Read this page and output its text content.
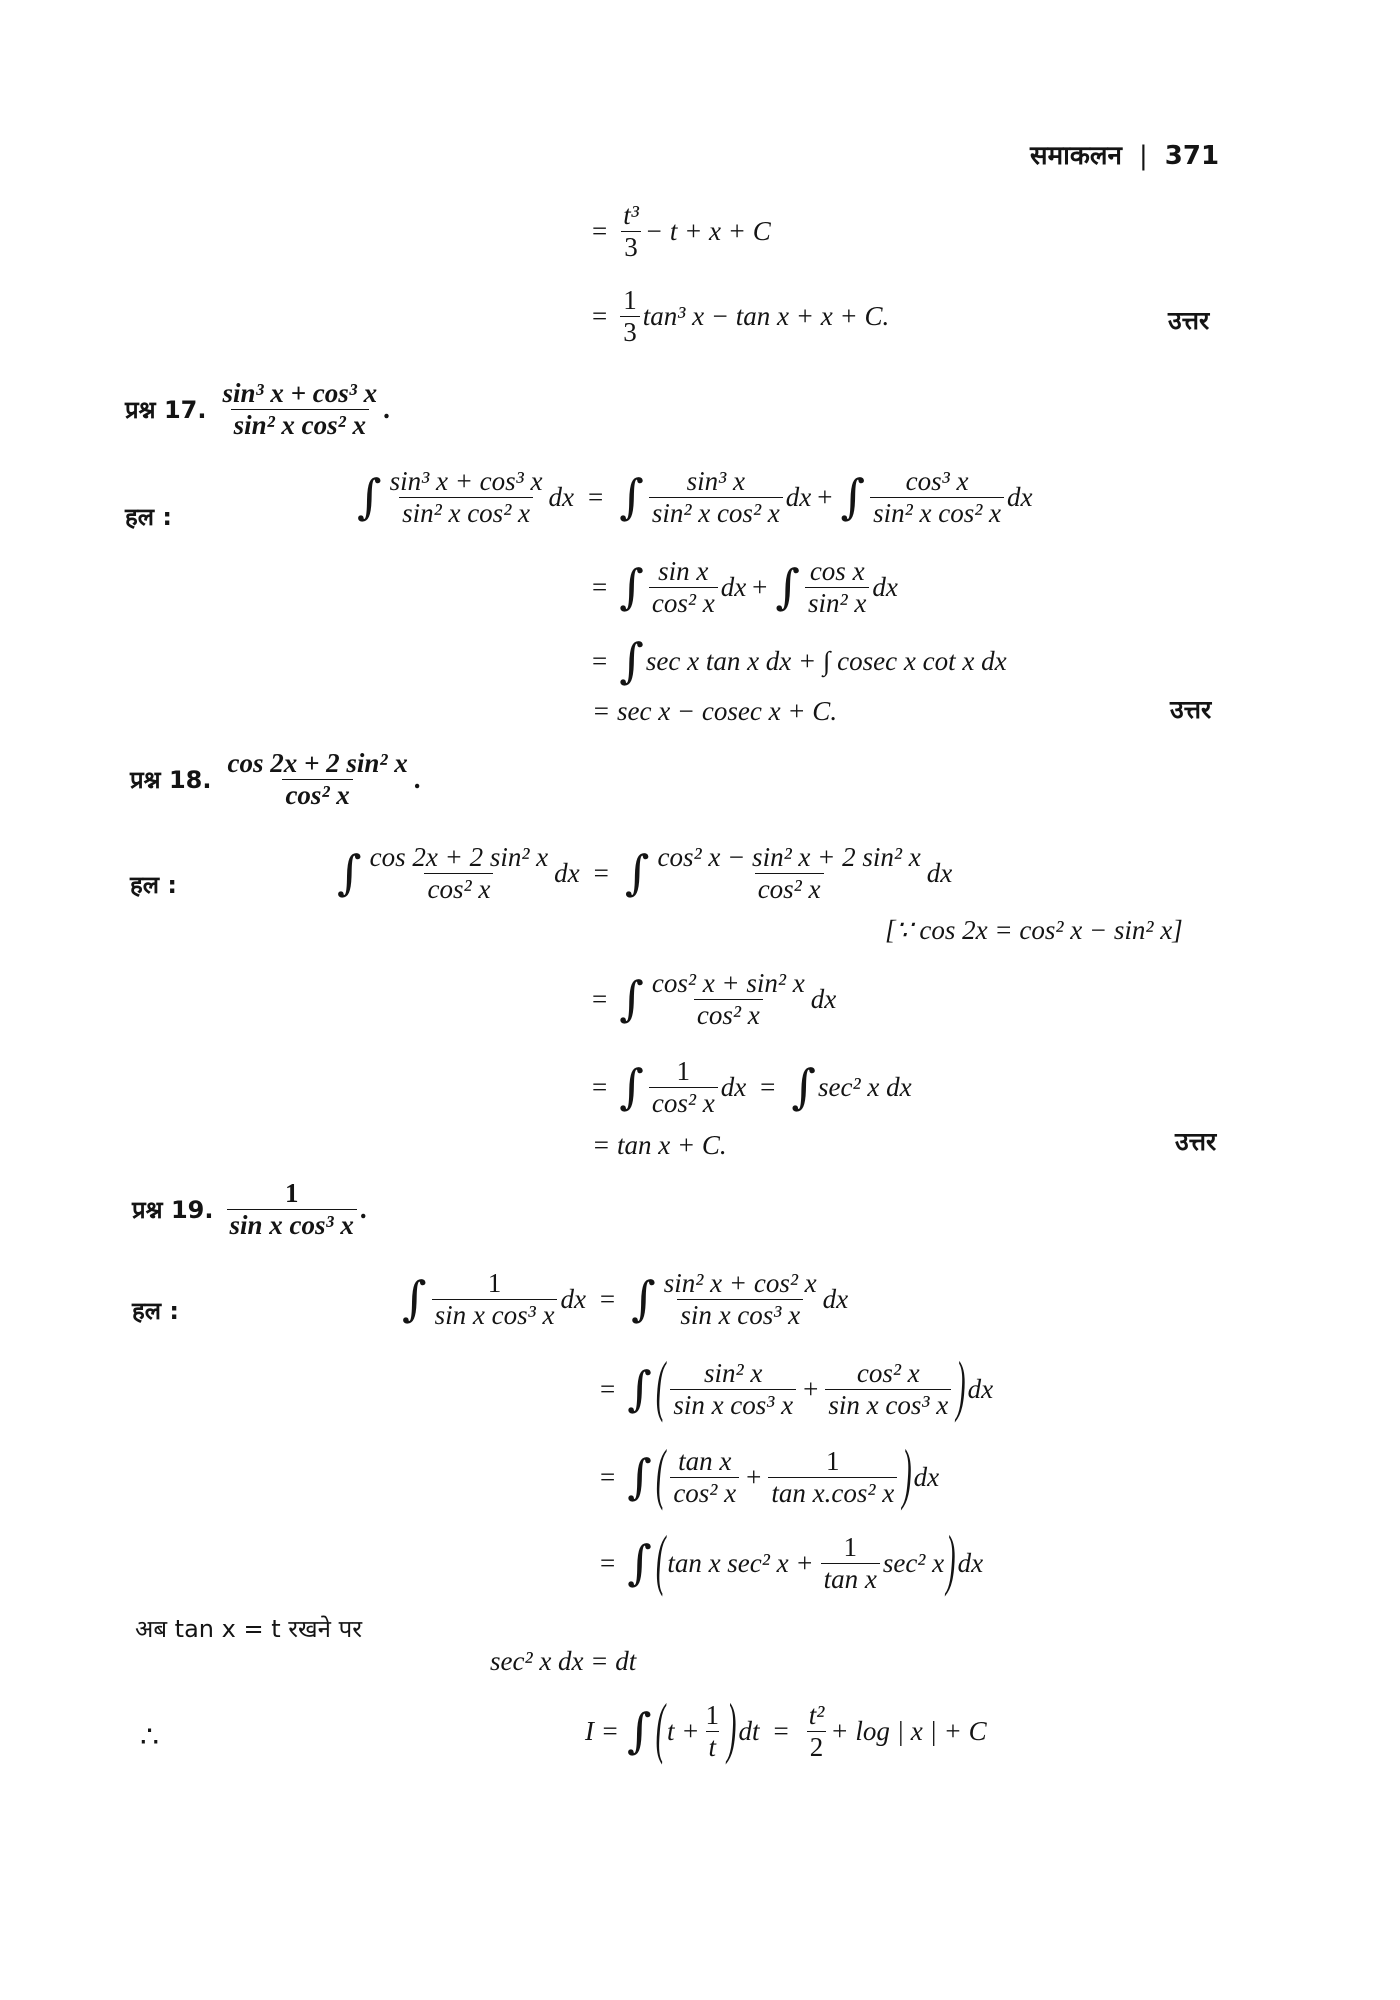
समाकलन | 371
= $\frac{\text{t³}}{3} - t + x + C$
= $\frac{1}{3} \tan^3$ x − tan x + x + C.	उत्तर
प्रश्न 17. $\frac{\text{sin³ x + cos³ x}}{\text{sin² x cos² x}}$ .
हल :	∫ $\frac{\text{sin³ x + cos³ x}}{\text{sin² x cos² x}}$ dx = ∫ $\frac{\text{sin³ x}}{\text{sin² x cos² x}}$ dx + ∫ $\frac{\text{cos³ x}}{\text{sin² x cos² x}}$ dx
= ∫ $\frac{\text{sin x}}{\text{cos² x}}$ dx + ∫ $\frac{\text{cos x}}{\text{sin² x}}$ dx
= ∫ sec x tan x dx + ∫ cosec x cot x dx
= sec x − cosec x + C.	उत्तर
प्रश्न 18. $\frac{\text{cos 2x + 2 sin² x}}{\text{cos² x}}$ .
हल :	∫ $\frac{\text{cos 2x + 2 sin² x}}{\text{cos² x}}$ dx = ∫ $\frac{\text{cos² x − sin² x + 2 sin² x}}{\text{cos² x}}$ dx
[∵ cos 2x = cos² x − sin² x]
= ∫ $\frac{\text{cos² x + sin² x}}{\text{cos² x}}$ dx
= ∫ $\frac{1}{\text{cos² x}}$ dx = ∫ sec² x dx
= tan x + C.	उत्तर
प्रश्न 19. $\frac{1}{\text{sin x cos³ x}}$ .
हल :	∫ $\frac{1}{\text{sin x cos³ x}}$ dx = ∫ $\frac{\text{sin² x + cos² x}}{\text{sin x cos³ x}}$ dx
= ∫ ( $\frac{\text{sin² x}}{\text{sin x cos³ x}} + \frac{\text{cos² x}}{\text{sin x cos³ x}}$ ) dx
= ∫ ( $\frac{\text{tan x}}{\text{cos² x}} + \frac{1}{\text{tan x.cos² x}}$ ) dx
= ∫ ( tan x sec² $x + \frac{1}{\text{tan x}} \sec^2$ x ) dx
अब tan x = t रखने पर
sec² x dx = dt
∴	I = ∫ ( $t + \frac{1}{t}$ ) dt = $\frac{\text{t²}}{2} + \log$ | x | + C
